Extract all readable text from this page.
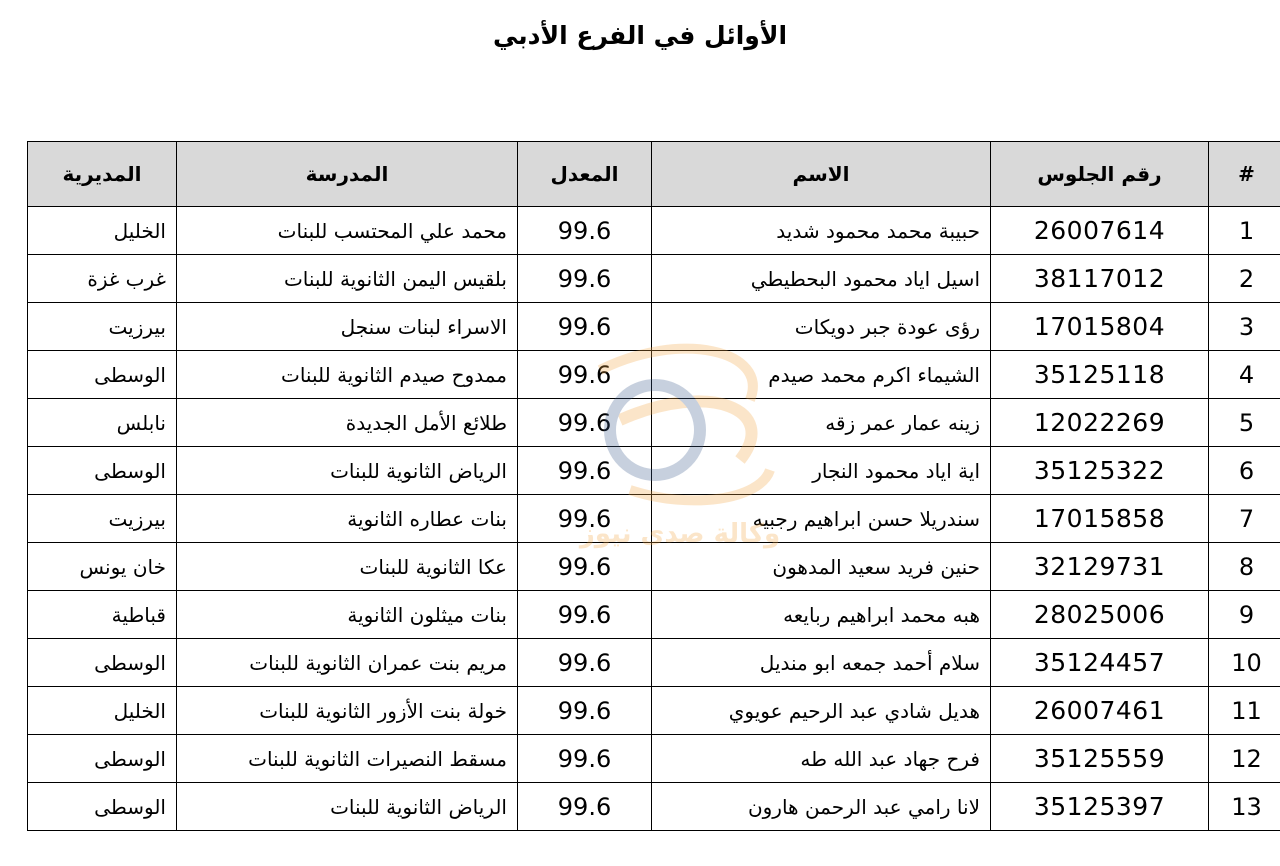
الأوائل في الفرع الأدبي
#	رقم الجلوس	الاسم	المعدل	المدرسة	المديرية	
1	26007614	حبيبة محمد محمود شديد	99.6	محمد علي المحتسب للبنات	الخليل	
2	38117012	اسيل اياد محمود البحطيطي	99.6	بلقيس اليمن الثانوية للبنات	غرب غزة	
3	17015804	رؤى عودة جبر دويكات	99.6	الاسراء لبنات سنجل	بيرزيت	
4	35125118	الشيماء اكرم محمد صيدم	99.6	ممدوح صيدم الثانوية للبنات	الوسطى	
5	12022269	زينه عمار عمر زقه	99.6	طلائع الأمل الجديدة	نابلس	
6	35125322	اية اياد محمود النجار	99.6	الرياض الثانوية للبنات	الوسطى	
7	17015858	سندريلا حسن ابراهيم رجبيه	99.6	بنات عطاره الثانوية	بيرزيت	
8	32129731	حنين فريد سعيد المدهون	99.6	عكا الثانوية للبنات	خان يونس	
9	28025006	هبه محمد ابراهيم ربايعه	99.6	بنات ميثلون الثانوية	قباطية	
10	35124457	سلام أحمد جمعه ابو منديل	99.6	مريم بنت عمران الثانوية للبنات	الوسطى	
11	26007461	هديل شادي عبد الرحيم عويوي	99.6	خولة بنت الأزور الثانوية للبنات	الخليل	
12	35125559	فرح جهاد عبد الله طه	99.6	مسقط النصيرات الثانوية للبنات	الوسطى	
13	35125397	لانا رامي عبد الرحمن هارون	99.6	الرياض الثانوية للبنات	الوسطى	
وكالة صدى نيوز
